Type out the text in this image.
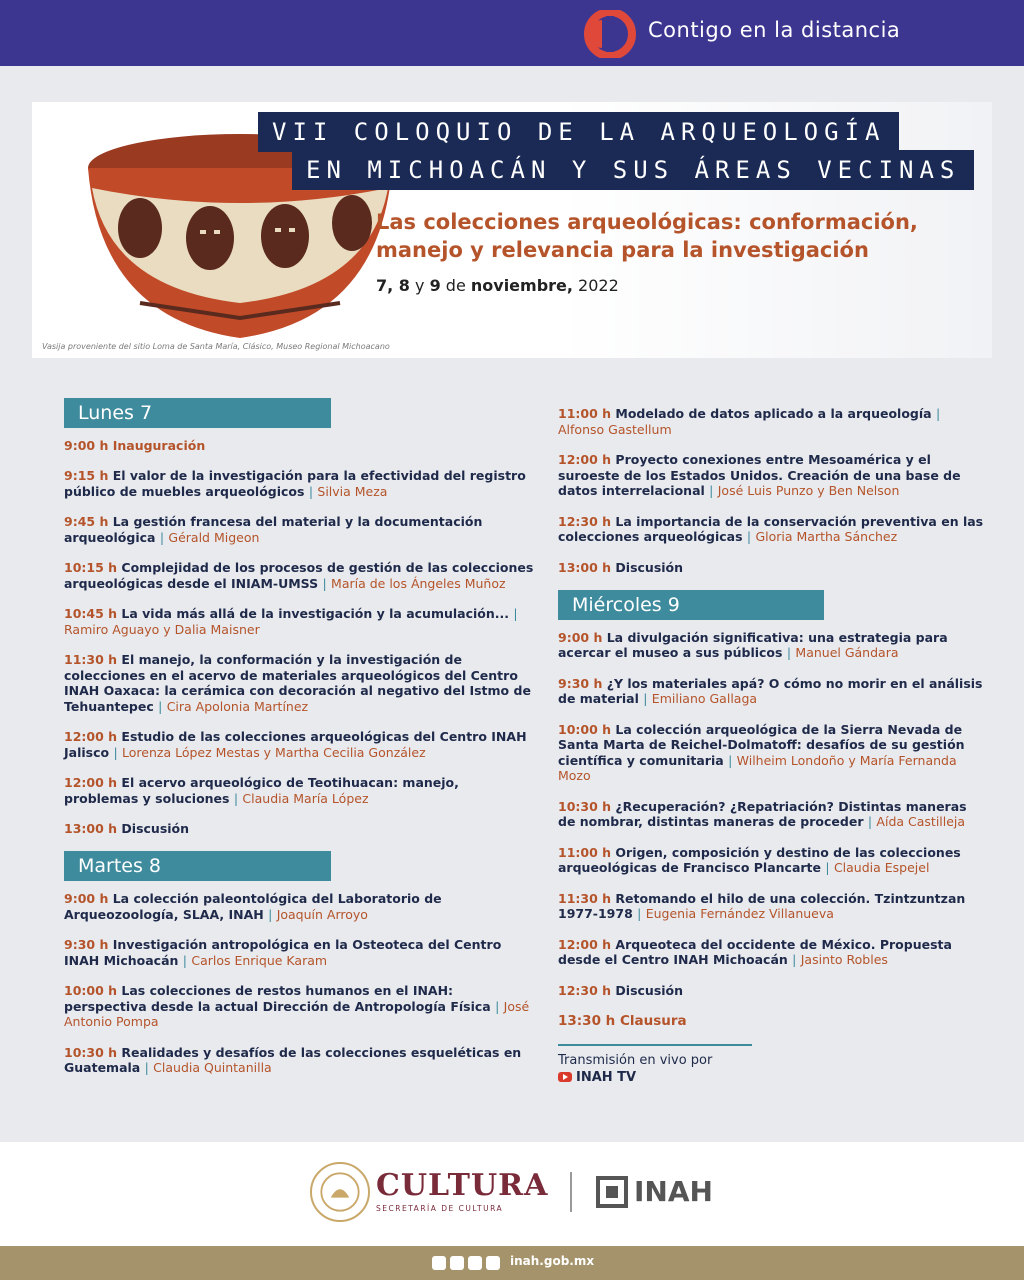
Contigo en la distancia
Vasija proveniente del sitio Loma de Santa María, Clásico, Museo Regional Michoacano
VII COLOQUIO DE LA ARQUEOLOGÍA
EN MICHOACÁN Y SUS ÁREAS VECINAS
Las colecciones arqueológicas: conformación, manejo y relevancia para la investigación
7, 8 y 9 de noviembre, 2022
Lunes 7
9:00 h Inauguración
9:15 h El valor de la investigación para la efectividad del registro público de muebles arqueológicos | Silvia Meza
9:45 h La gestión francesa del material y la documentación arqueológica | Gérald Migeon
10:15 h Complejidad de los procesos de gestión de las colecciones arqueológicas desde el INIAM-UMSS | María de los Ángeles Muñoz
10:45 h La vida más allá de la investigación y la acumulación... | Ramiro Aguayo y Dalia Maisner
11:30 h El manejo, la conformación y la investigación de colecciones en el acervo de materiales arqueológicos del Centro INAH Oaxaca: la cerámica con decoración al negativo del Istmo de Tehuantepec | Cira Apolonia Martínez
12:00 h Estudio de las colecciones arqueológicas del Centro INAH Jalisco | Lorenza López Mestas y Martha Cecilia González
12:00 h El acervo arqueológico de Teotihuacan: manejo, problemas y soluciones | Claudia María López
13:00 h Discusión
Martes 8
9:00 h La colección paleontológica del Laboratorio de Arqueozoología, SLAA, INAH | Joaquín Arroyo
9:30 h Investigación antropológica en la Osteoteca del Centro INAH Michoacán | Carlos Enrique Karam
10:00 h Las colecciones de restos humanos en el INAH: perspectiva desde la actual Dirección de Antropología Física | José Antonio Pompa
10:30 h Realidades y desafíos de las colecciones esqueléticas en Guatemala | Claudia Quintanilla
11:00 h Modelado de datos aplicado a la arqueología | Alfonso Gastellum
12:00 h Proyecto conexiones entre Mesoamérica y el suroeste de los Estados Unidos. Creación de una base de datos interrelacional | José Luis Punzo y Ben Nelson
12:30 h La importancia de la conservación preventiva en las colecciones arqueológicas | Gloria Martha Sánchez
13:00 h Discusión
Miércoles 9
9:00 h La divulgación significativa: una estrategia para acercar el museo a sus públicos | Manuel Gándara
9:30 h ¿Y los materiales apá? O cómo no morir en el análisis de material | Emiliano Gallaga
10:00 h La colección arqueológica de la Sierra Nevada de Santa Marta de Reichel-Dolmatoff: desafíos de su gestión científica y comunitaria | Wilheim Londoño y María Fernanda Mozo
10:30 h ¿Recuperación? ¿Repatriación? Distintas maneras de nombrar, distintas maneras de proceder | Aída Castilleja
11:00 h Origen, composición y destino de las colecciones arqueológicas de Francisco Plancarte | Claudia Espejel
11:30 h Retomando el hilo de una colección. Tzintzuntzan 1977-1978 | Eugenia Fernández Villanueva
12:00 h Arqueoteca del occidente de México. Propuesta desde el Centro INAH Michoacán | Jasinto Robles
12:30 h Discusión
13:30 h Clausura
Transmisión en vivo por
INAH TV
CULTURA
SECRETARÍA DE CULTURA
INAH
inah.gob.mx
